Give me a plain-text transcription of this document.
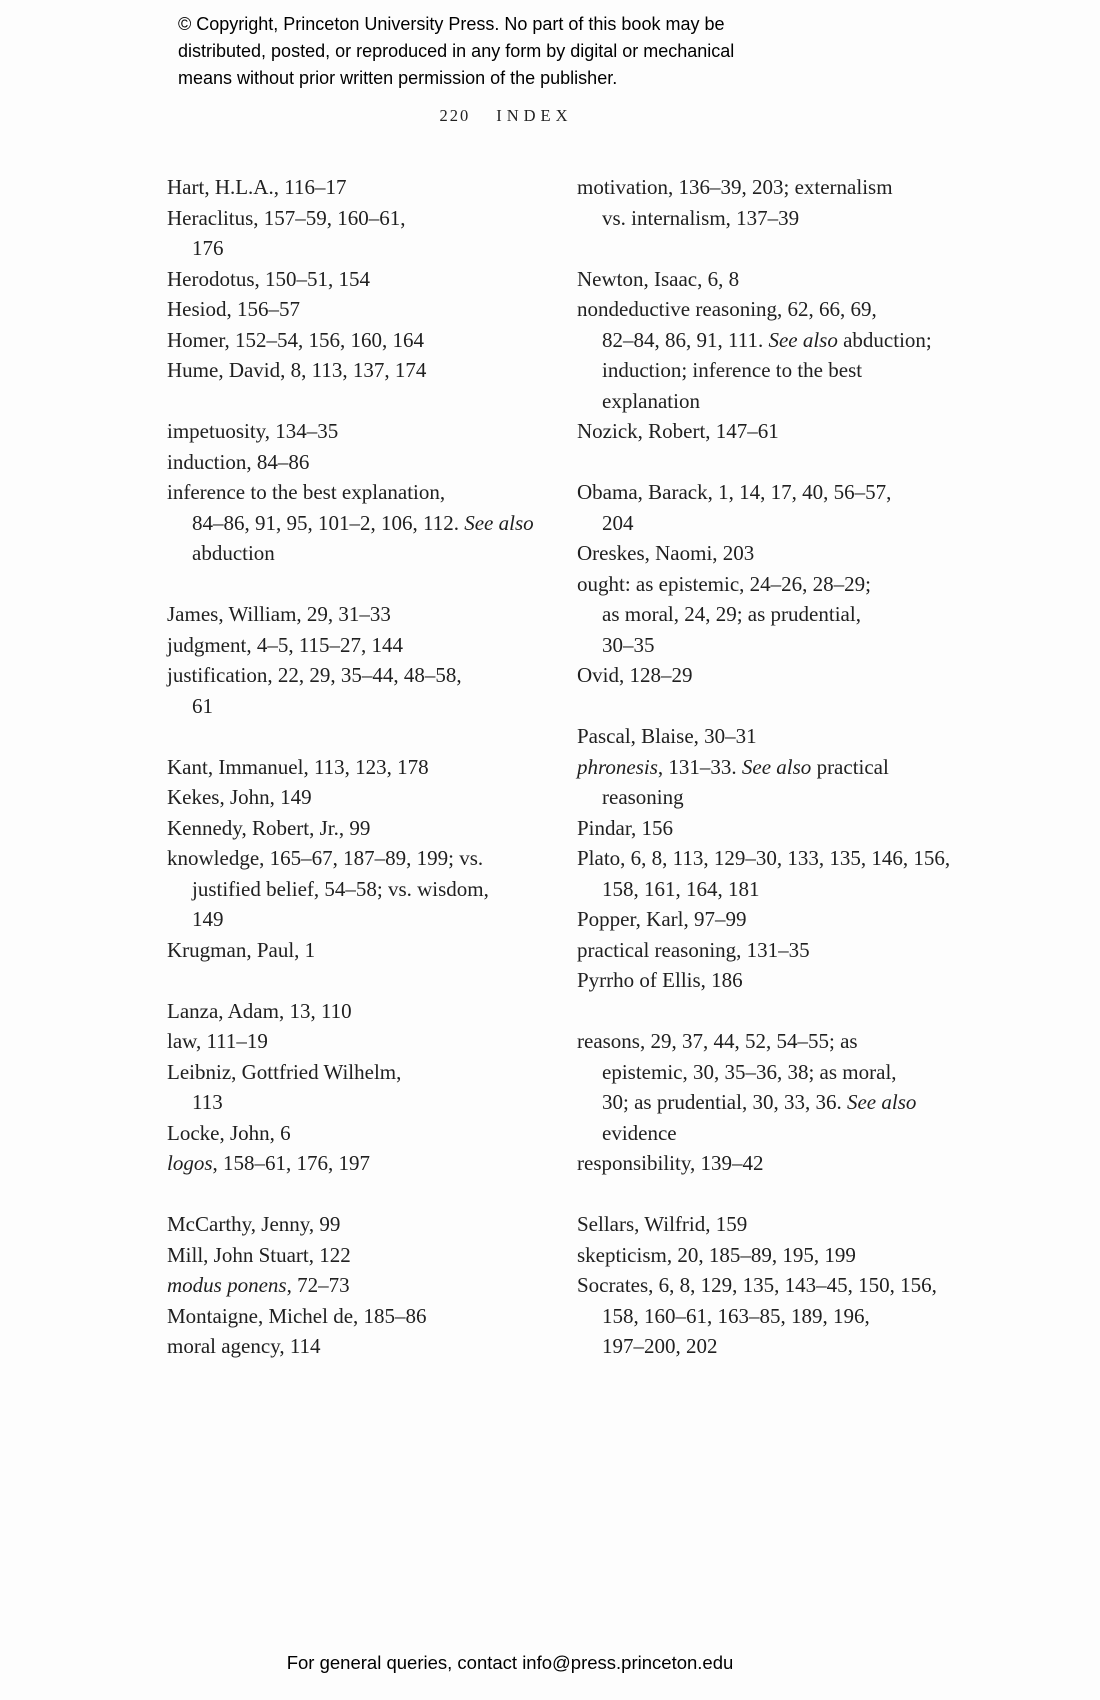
© Copyright, Princeton University Press. No part of this book may be
distributed, posted, or reproduced in any form by digital or mechanical
means without prior written permission of the publisher.
220 INDEX
Hart, H.L.A., 116–17
Heraclitus, 157–59, 160–61,
176
Herodotus, 150–51, 154
Hesiod, 156–57
Homer, 152–54, 156, 160, 164
Hume, David, 8, 113, 137, 174
impetuosity, 134–35
induction, 84–86
inference to the best explanation,
84–86, 91, 95, 101–2, 106, 112. See also
abduction
James, William, 29, 31–33
judgment, 4–5, 115–27, 144
justification, 22, 29, 35–44, 48–58,
61
Kant, Immanuel, 113, 123, 178
Kekes, John, 149
Kennedy, Robert, Jr., 99
knowledge, 165–67, 187–89, 199; vs.
justified belief, 54–58; vs. wisdom,
149
Krugman, Paul, 1
Lanza, Adam, 13, 110
law, 111–19
Leibniz, Gottfried Wilhelm,
113
Locke, John, 6
logos, 158–61, 176, 197
McCarthy, Jenny, 99
Mill, John Stuart, 122
modus ponens, 72–73
Montaigne, Michel de, 185–86
moral agency, 114
motivation, 136–39, 203; externalism
vs. internalism, 137–39
Newton, Isaac, 6, 8
nondeductive reasoning, 62, 66, 69,
82–84, 86, 91, 111. See also abduction;
induction; inference to the best
explanation
Nozick, Robert, 147–61
Obama, Barack, 1, 14, 17, 40, 56–57,
204
Oreskes, Naomi, 203
ought: as epistemic, 24–26, 28–29;
as moral, 24, 29; as prudential,
30–35
Ovid, 128–29
Pascal, Blaise, 30–31
phronesis, 131–33. See also practical
reasoning
Pindar, 156
Plato, 6, 8, 113, 129–30, 133, 135, 146, 156,
158, 161, 164, 181
Popper, Karl, 97–99
practical reasoning, 131–35
Pyrrho of Ellis, 186
reasons, 29, 37, 44, 52, 54–55; as
epistemic, 30, 35–36, 38; as moral,
30; as prudential, 30, 33, 36. See also
evidence
responsibility, 139–42
Sellars, Wilfrid, 159
skepticism, 20, 185–89, 195, 199
Socrates, 6, 8, 129, 135, 143–45, 150, 156,
158, 160–61, 163–85, 189, 196,
197–200, 202
For general queries, contact info@press.princeton.edu
